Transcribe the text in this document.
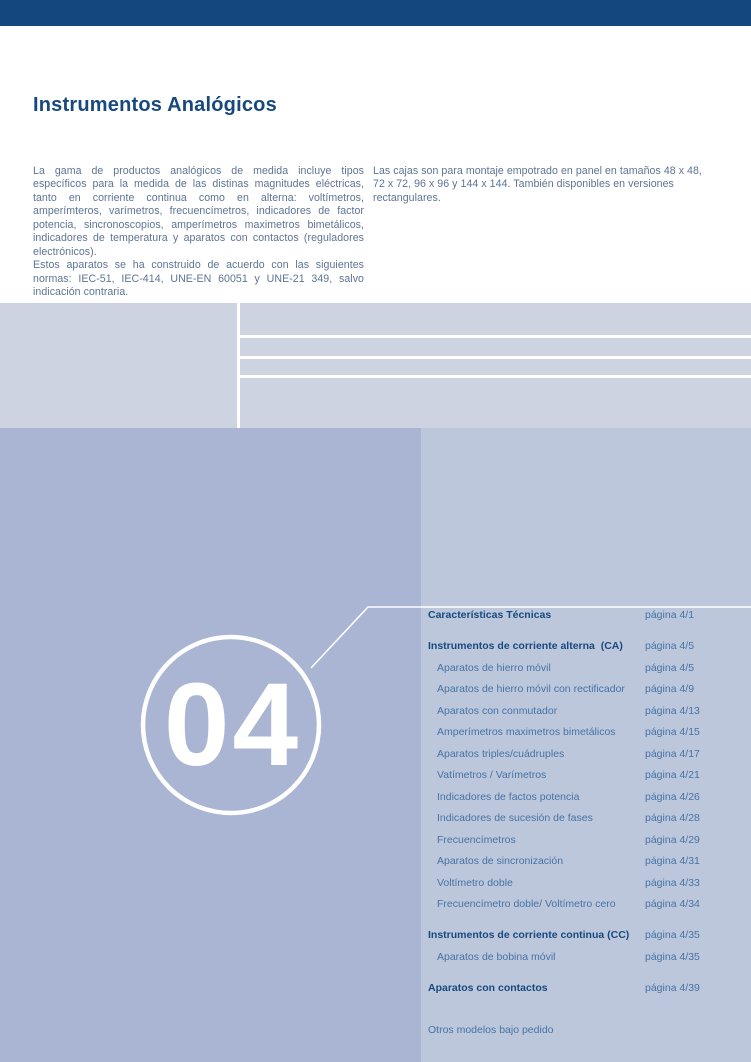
Instrumentos Analógicos

La gama de productos analógicos de medida incluye tipos específicos para la medida de las distinas magnitudes eléctricas, tanto en corriente continua como en alterna: voltímetros, amperímteros, varímetros, frecuencímetros, indicadores de factor potencia, sincronoscopios, amperímetros maximetros bimetálicos, indicadores de temperatura y aparatos con contactos (reguladores electrónicos).

Estos aparatos se ha construido de acuerdo con las siguientes normas: IEC-51, IEC-414, UNE-EN 60051 y UNE-21 349, salvo indicación contraria.

Las cajas son para montaje empotrado en panel en tamaños 48 x 48, 72 x 72, 96 x 96 y 144 x 144. También disponibles en versiones rectangulares.

04
Características Técnicas	página 4/1
Instrumentos de corriente alterna  (CA) página 4/5
Aparatos de hierro móvil	página 4/5
Aparatos de hierro móvil con rectificador página 4/9
Aparatos con conmutador	página 4/13
Amperímetros maximetros bimetálicos	página 4/15
Aparatos triples/cuádruples	página 4/17
Vatímetros / Varímetros	página 4/21
Indicadores de factos potencia	página 4/26
Indicadores de sucesión de fases	página 4/28
Frecuencímetros	página 4/29
Aparatos de sincronización	página 4/31
Voltímetro doble	página 4/33
Frecuencímetro doble/ Voltímetro cero	página 4/34
Instrumentos de corriente continua (CC) página 4/35
Aparatos de bobina móvil	página 4/35
Aparatos con contactos	página 4/39
Otros modelos bajo pedido
